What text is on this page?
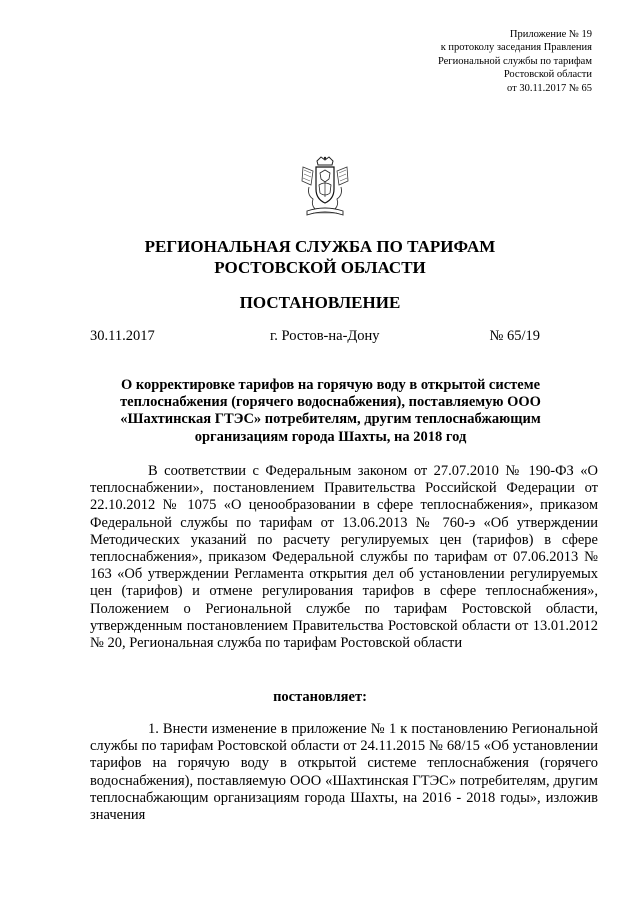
Приложение № 19
к протоколу заседания Правления
Региональной службы по тарифам
Ростовской области
от 30.11.2017 № 65
РЕГИОНАЛЬНАЯ СЛУЖБА ПО ТАРИФАМ
РОСТОВСКОЙ ОБЛАСТИ
ПОСТАНОВЛЕНИЕ
30.11.2017	г. Ростов-на-Дону	№ 65/19
О корректировке тарифов на горячую воду в открытой системе теплоснабжения (горячего водоснабжения), поставляемую ООО «Шахтинская ГТЭС» потребителям, другим теплоснабжающим организациям города Шахты, на 2018 год
В соответствии с Федеральным законом от 27.07.2010 № 190-ФЗ «О теплоснабжении», постановлением Правительства Российской Федерации от 22.10.2012 № 1075 «О ценообразовании в сфере теплоснабжения», приказом Федеральной службы по тарифам от 13.06.2013 № 760-э «Об утверждении Методических указаний по расчету регулируемых цен (тарифов) в сфере теплоснабжения», приказом Федеральной службы по тарифам от 07.06.2013 № 163 «Об утверждении Регламента открытия дел об установлении регулируемых цен (тарифов) и отмене регулирования тарифов в сфере теплоснабжения», Положением о Региональной службе по тарифам Ростовской области, утвержденным постановлением Правительства Ростовской области от 13.01.2012 № 20, Региональная служба по тарифам Ростовской области
постановляет:
1. Внести изменение в приложение № 1 к постановлению Региональной службы по тарифам Ростовской области от 24.11.2015 № 68/15 «Об установлении тарифов на горячую воду в открытой системе теплоснабжения (горячего водоснабжения), поставляемую ООО «Шахтинская ГТЭС» потребителям, другим теплоснабжающим организациям города Шахты, на 2016 - 2018 годы», изложив значения
